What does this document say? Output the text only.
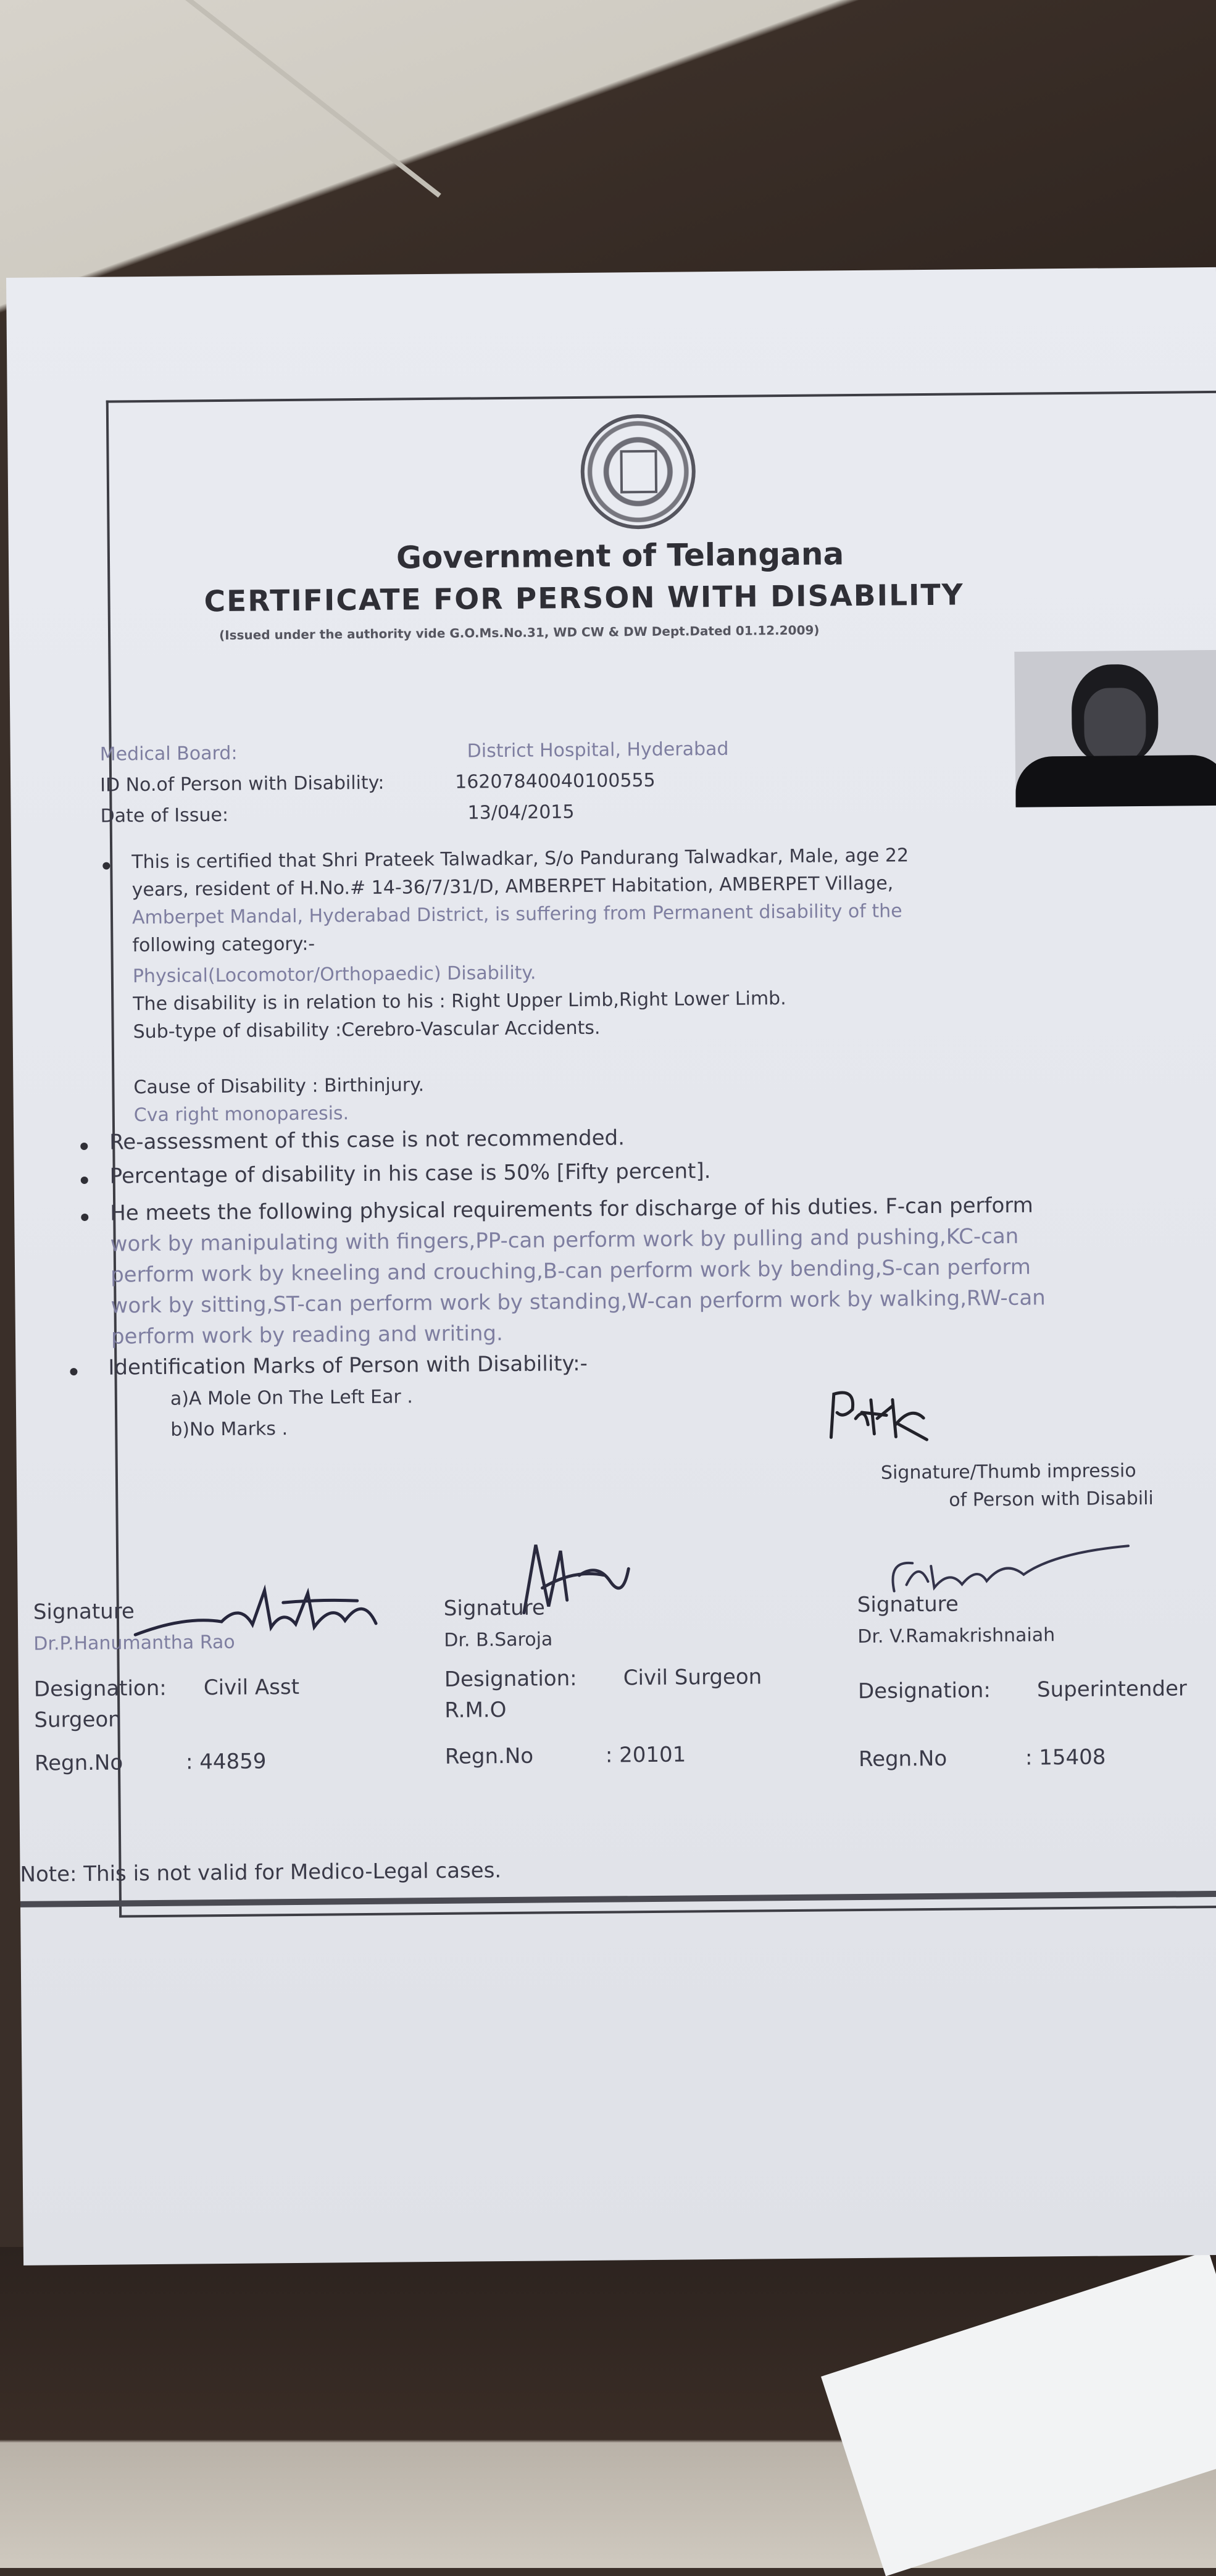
Government of Telangana
CERTIFICATE FOR PERSON WITH DISABILITY
(Issued under the authority vide G.O.Ms.No.31, WD CW & DW Dept.Dated 01.12.2009)
Medical Board:	District Hospital, Hyderabad
ID No.of Person with Disability:	16207840040100555
Date of Issue:	13/04/2015
This is certified that Shri Prateek Talwadkar, S/o Pandurang Talwadkar, Male, age 22
years, resident of H.No.# 14-36/7/31/D, AMBERPET Habitation, AMBERPET Village,
Amberpet Mandal, Hyderabad District, is suffering from Permanent disability of the
following category:-
Physical(Locomotor/Orthopaedic) Disability.
The disability is in relation to his : Right Upper Limb,Right Lower Limb.
Sub-type of disability :Cerebro-Vascular Accidents.
Cause of Disability : Birthinjury.
Cva right monoparesis.
Re-assessment of this case is not recommended.
Percentage of disability in his case is 50% [Fifty percent].
He meets the following physical requirements for discharge of his duties. F-can perform
work by manipulating with fingers,PP-can perform work by pulling and pushing,KC-can
perform work by kneeling and crouching,B-can perform work by bending,S-can perform
work by sitting,ST-can perform work by standing,W-can perform work by walking,RW-can
perform work by reading and writing.
Identification Marks of Person with Disability:-
a)A Mole On The Left Ear .
b)No Marks .
Signature/Thumb impressio
of Person with Disabili
Signature
Dr.P.Hanumantha Rao
Designation: Civil Asst
Surgeon
Regn.No	: 44859
Signature
Dr. B.Saroja
Designation: Civil Surgeon
R.M.O
Regn.No	: 20101
Signature
Dr. V.Ramakrishnaiah
Designation: Superintender
Regn.No	: 15408
Note: This is not valid for Medico-Legal cases.
